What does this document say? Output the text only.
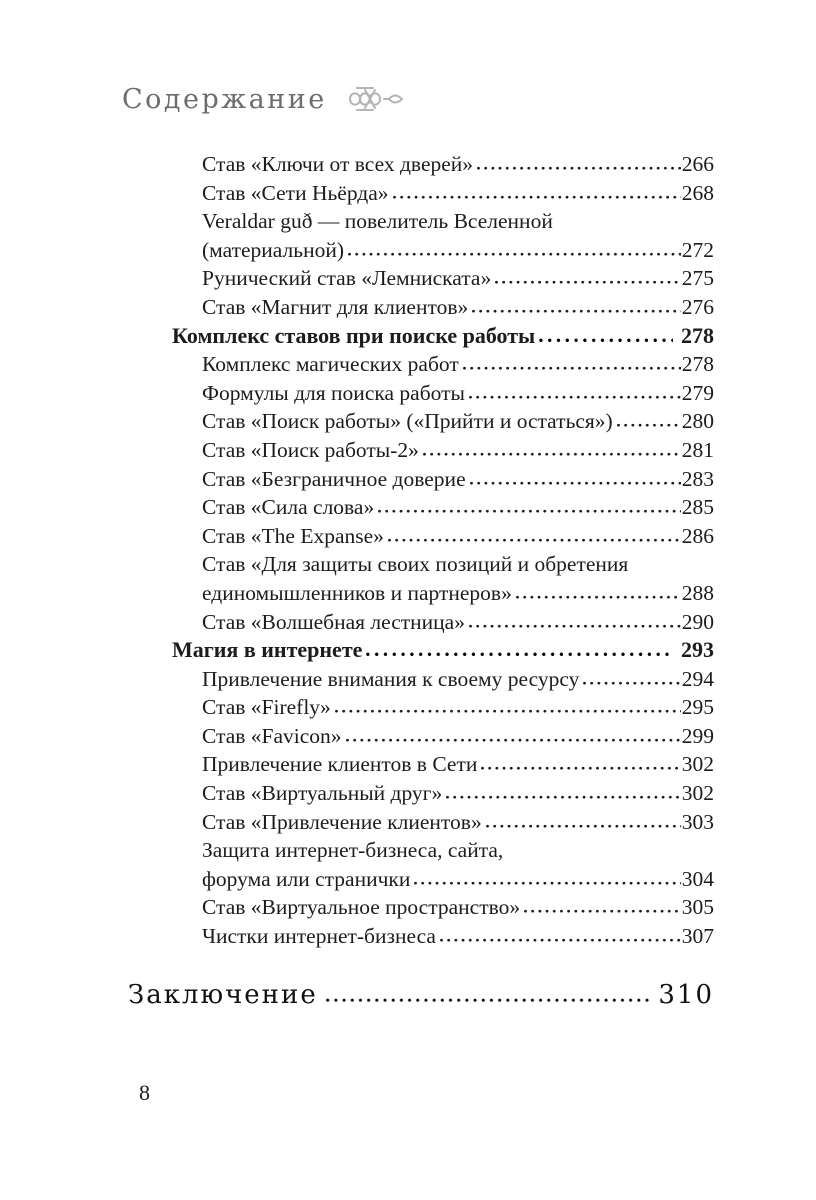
Содержание
Став «Ключи от всех дверей»	266
Став «Сети Ньёрда»	268
Veraldar guð — повелитель Вселенной
(материальной)	272
Рунический став «Лемниската»	275
Став «Магнит для клиентов»	276
Комплекс ставов при поиске работы	278
Комплекс магических работ	278
Формулы для поиска работы	279
Став «Поиск работы» («Прийти и остаться»)	280
Став «Поиск работы-2»	281
Став «Безграничное доверие	283
Став «Сила слова»	285
Став «The Expanse»	286
Став «Для защиты своих позиций и обретения
единомышленников и партнеров»	288
Став «Волшебная лестница»	290
Магия в интернете	293
Привлечение внимания к своему ресурсу	294
Став «Firefly»	295
Став «Favicon»	299
Привлечение клиентов в Сети	302
Став «Виртуальный друг»	302
Став «Привлечение клиентов»	303
Защита интернет-бизнеса, сайта,
форума или странички	304
Став «Виртуальное пространство»	305
Чистки интернет-бизнеса	307
Заключение	310
8
